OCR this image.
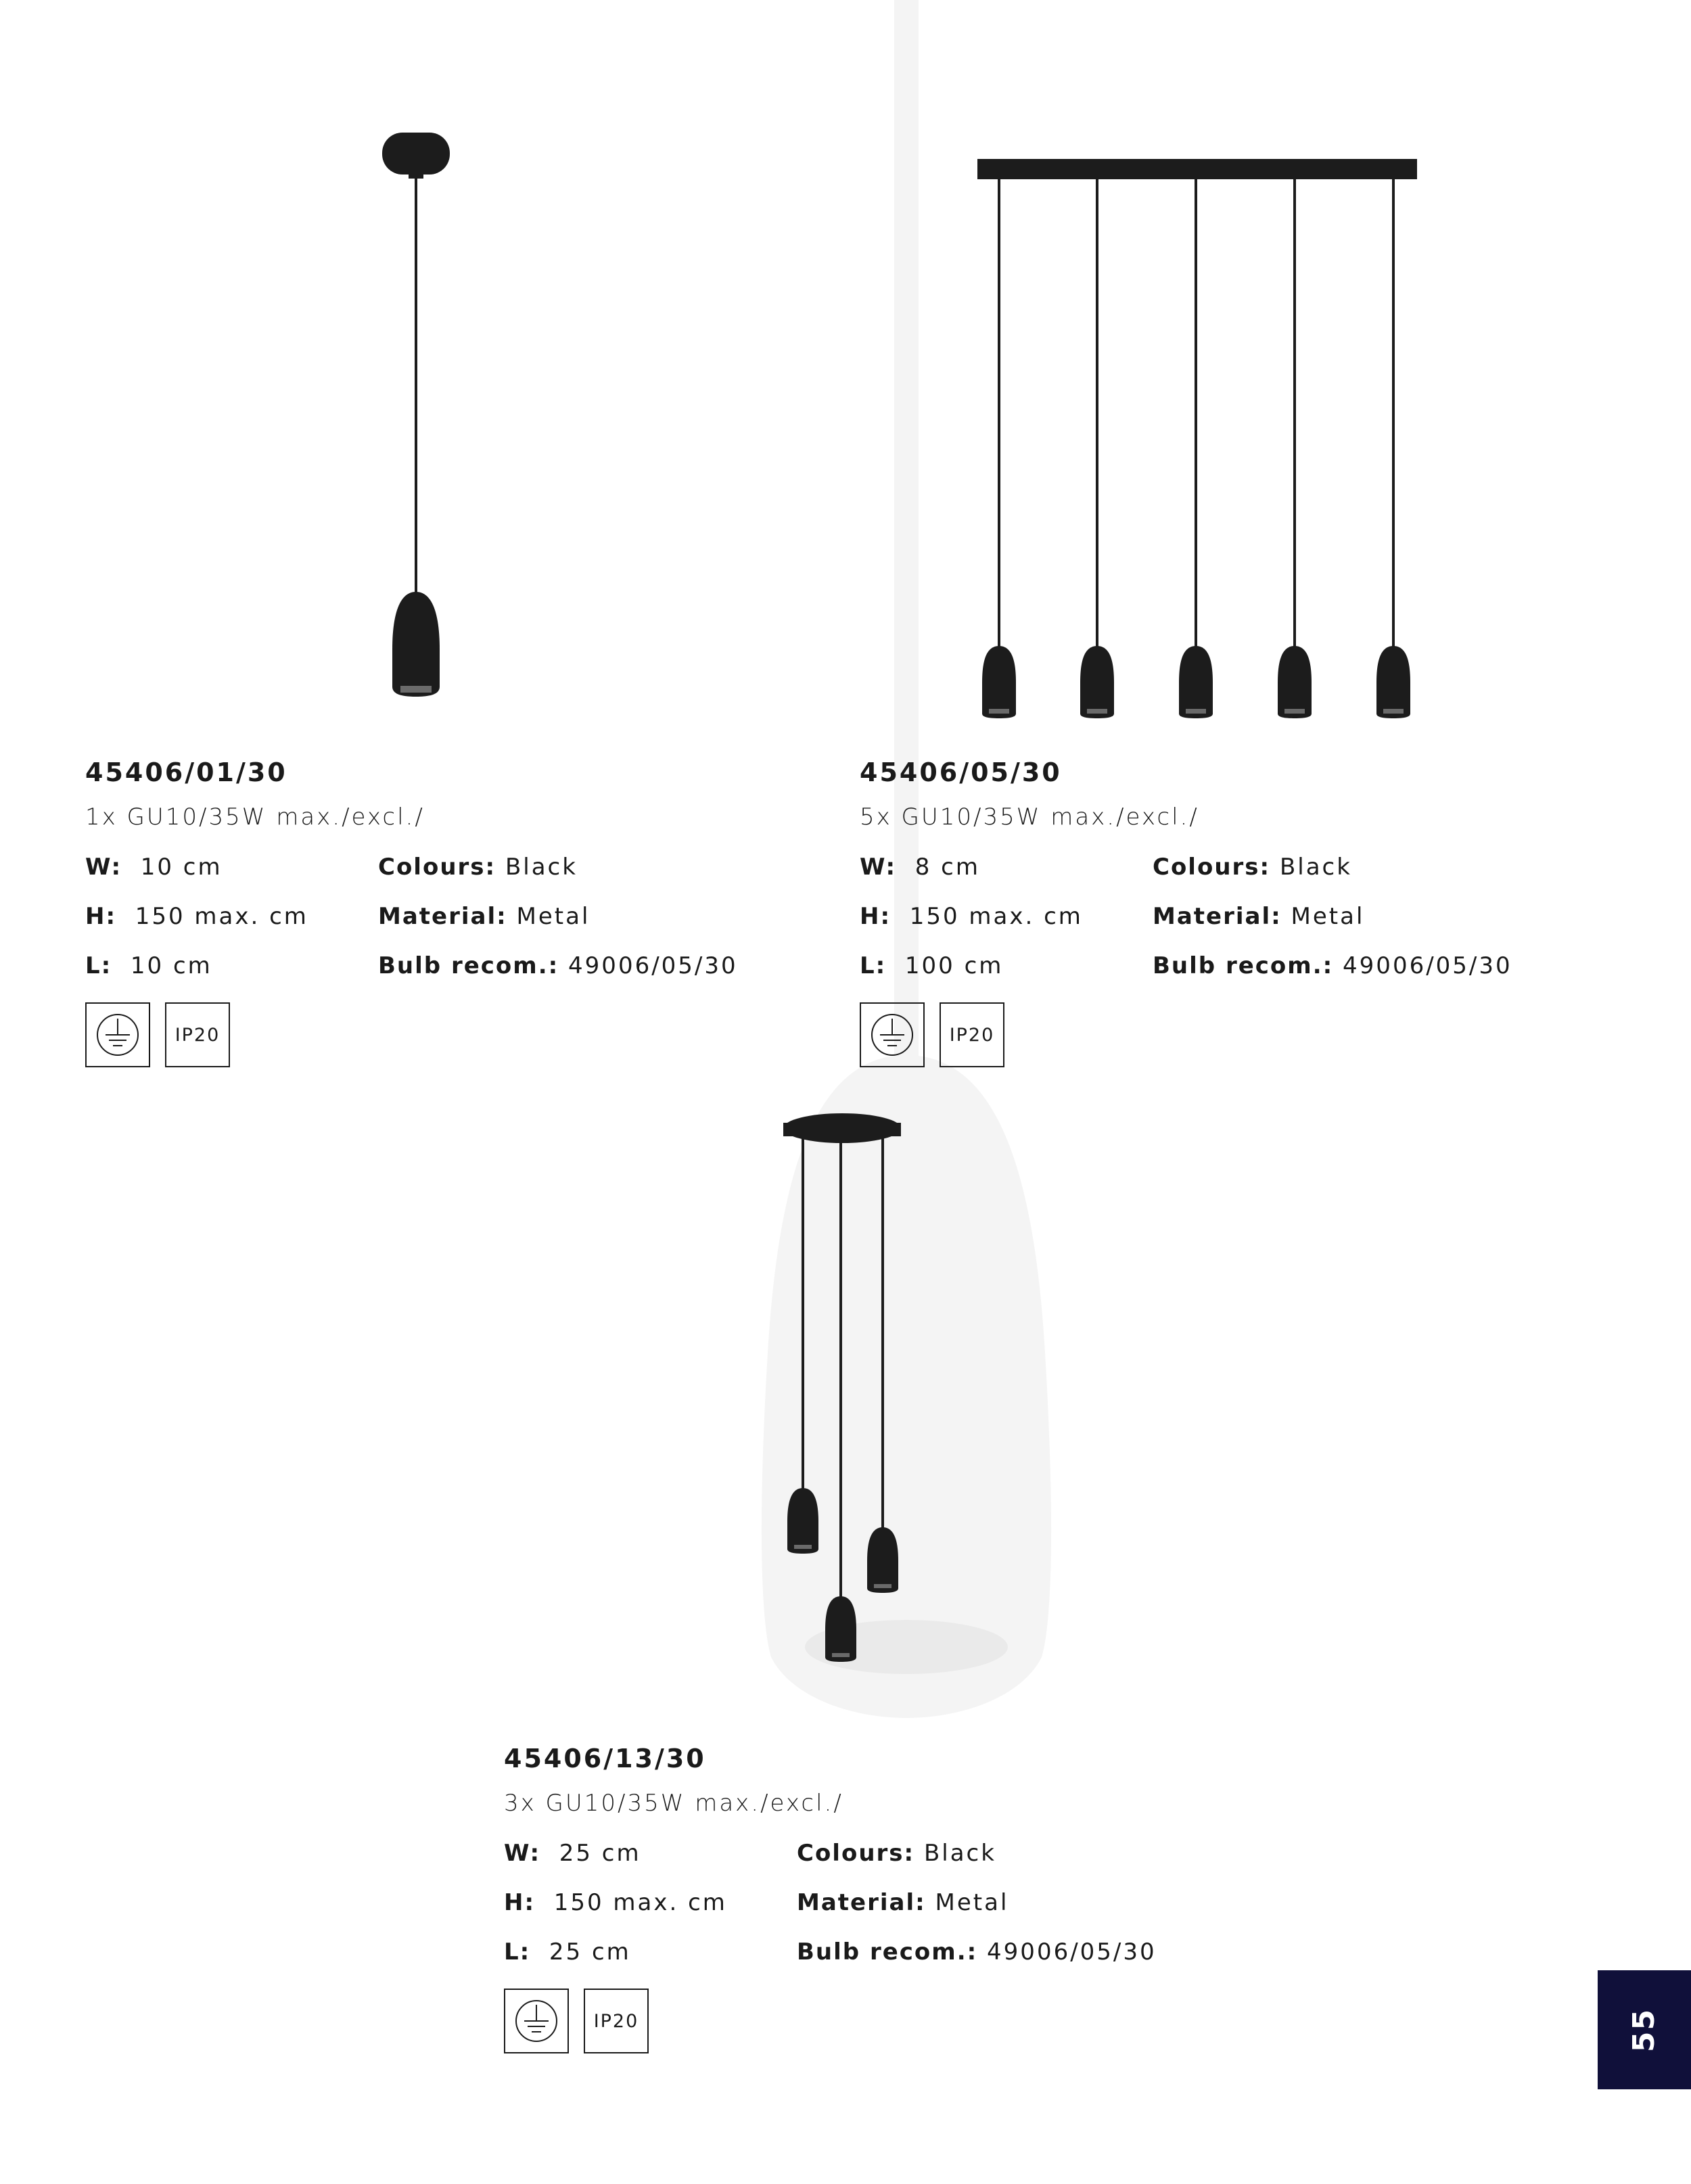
45406/01/30
1x GU10/35W max./excl./
W: 10 cm
H: 150 max. cm
L: 10 cm
Colours: Black
Material: Metal
Bulb recom.: 49006/05/30
IP20
45406/05/30
5x GU10/35W max./excl./
W: 8 cm
H: 150 max. cm
L: 100 cm
Colours: Black
Material: Metal
Bulb recom.: 49006/05/30
IP20
45406/13/30
3x GU10/35W max./excl./
W: 25 cm
H: 150 max. cm
L: 25 cm
Colours: Black
Material: Metal
Bulb recom.: 49006/05/30
IP20	55
